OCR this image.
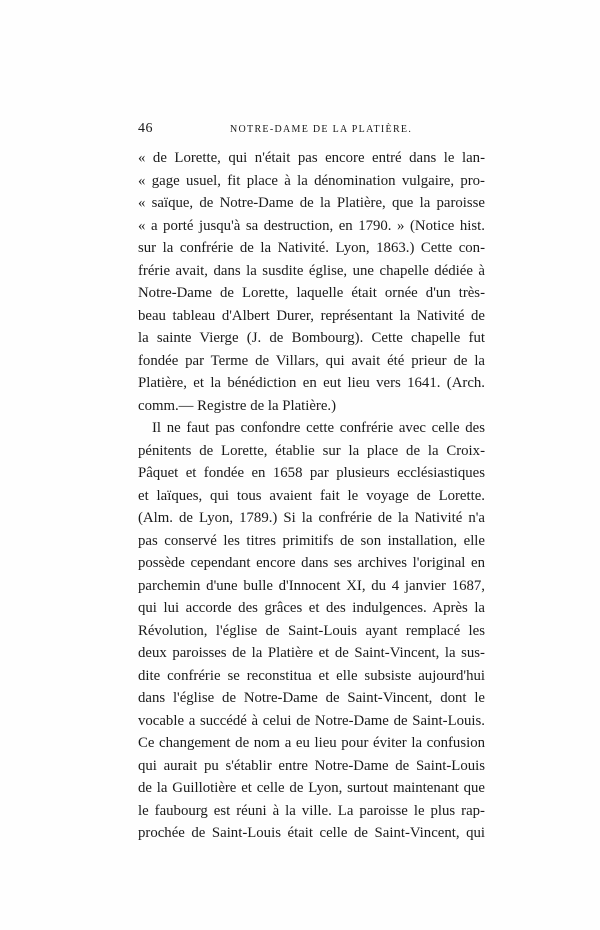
46	NOTRE-DAME DE LA PLATIÈRE.
« de Lorette, qui n'était pas encore entré dans le lan-
« gage usuel, fit place à la dénomination vulgaire, pro-
« saïque, de Notre-Dame de la Platière, que la paroisse
« a porté jusqu'à sa destruction, en 1790. » (Notice hist.
sur la confrérie de la Nativité. Lyon, 1863.) Cette con-
frérie avait, dans la susdite église, une chapelle dédiée à
Notre-Dame de Lorette, laquelle était ornée d'un très-
beau tableau d'Albert Durer, représentant la Nativité de
la sainte Vierge (J. de Bombourg). Cette chapelle fut
fondée par Terme de Villars, qui avait été prieur de la
Platière, et la bénédiction en eut lieu vers 1641. (Arch.
comm.— Registre de la Platière.)
Il ne faut pas confondre cette confrérie avec celle des
pénitents de Lorette, établie sur la place de la Croix-
Pâquet et fondée en 1658 par plusieurs ecclésiastiques
et laïques, qui tous avaient fait le voyage de Lorette.
(Alm. de Lyon, 1789.) Si la confrérie de la Nativité n'a
pas conservé les titres primitifs de son installation, elle
possède cependant encore dans ses archives l'original en
parchemin d'une bulle d'Innocent XI, du 4 janvier 1687,
qui lui accorde des grâces et des indulgences. Après la
Révolution, l'église de Saint-Louis ayant remplacé les
deux paroisses de la Platière et de Saint-Vincent, la sus-
dite confrérie se reconstitua et elle subsiste aujourd'hui
dans l'église de Notre-Dame de Saint-Vincent, dont le
vocable a succédé à celui de Notre-Dame de Saint-Louis.
Ce changement de nom a eu lieu pour éviter la confusion
qui aurait pu s'établir entre Notre-Dame de Saint-Louis
de la Guillotière et celle de Lyon, surtout maintenant que
le faubourg est réuni à la ville. La paroisse le plus rap-
prochée de Saint-Louis était celle de Saint-Vincent, qui
